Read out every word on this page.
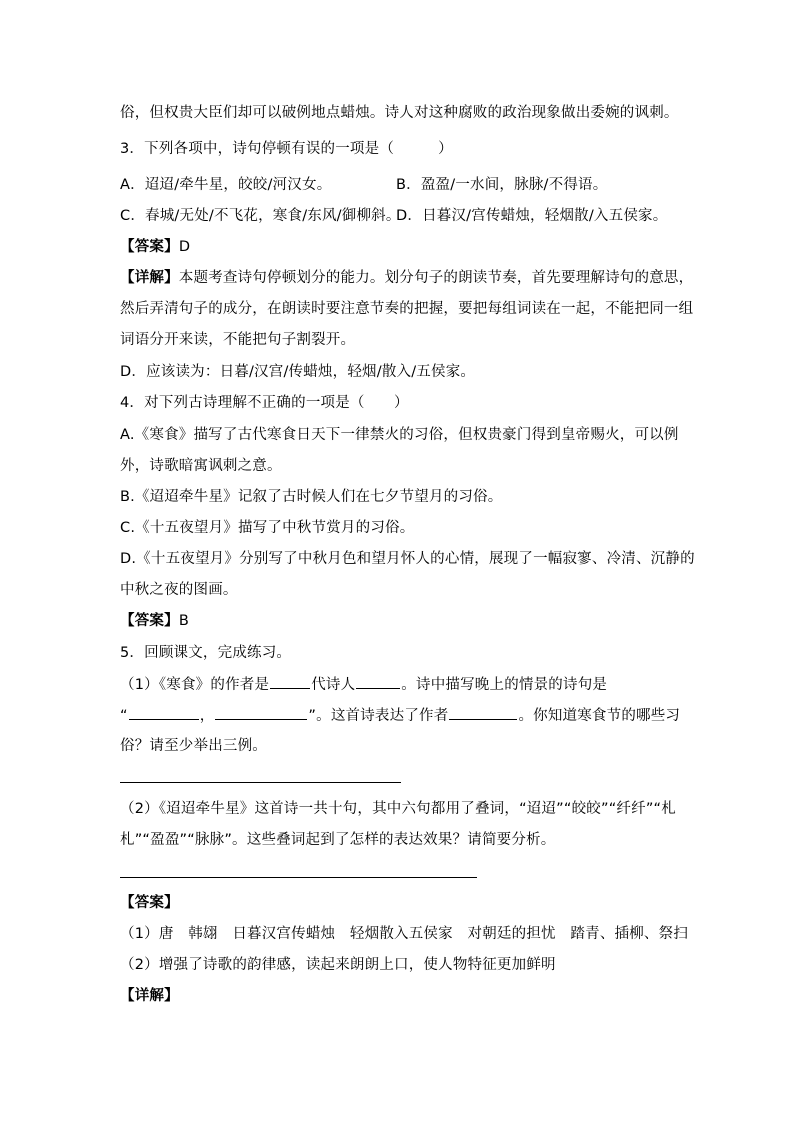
俗，但权贵大臣们却可以破例地点蜡烛。诗人对这种腐败的政治现象做出委婉的讽刺。
3．下列各项中，诗句停顿有误的一项是（　　　）
A．迢迢/牵牛星，皎皎/河汉女。	B．盈盈/一水间，脉脉/不得语。
C．春城/无处/不飞花，寒食/东风/御柳斜。
D．日暮汉/宫传蜡烛，轻烟散/入五侯家。
【答案】D
【详解】本题考查诗句停顿划分的能力。划分句子的朗读节奏，首先要理解诗句的意思，
然后弄清句子的成分，在朗读时要注意节奏的把握，要把每组词读在一起，不能把同一组
词语分开来读，不能把句子割裂开。
D．应该读为：日暮/汉宫/传蜡烛，轻烟/散入/五侯家。
4．对下列古诗理解不正确的一项是（　　）
A.《寒食》描写了古代寒食日天下一律禁火的习俗，但权贵豪门得到皇帝赐火，可以例
外，诗歌暗寓讽刺之意。
B.《迢迢牵牛星》记叙了古时候人们在七夕节望月的习俗。
C.《十五夜望月》描写了中秋节赏月的习俗。
D.《十五夜望月》分别写了中秋月色和望月怀人的心情，展现了一幅寂寥、冷清、沉静的
中秋之夜的图画。
【答案】B
5．回顾课文，完成练习。
（1）《寒食》的作者是	代诗人	。诗中描写晚上的情景的诗句是
“	，	”。这首诗表达了作者	。你知道寒食节的哪些习
俗？请至少举出三例。
（2）《迢迢牵牛星》这首诗一共十句，其中六句都用了叠词，“迢迢”“皎皎”“纤纤”“札
札”“盈盈”“脉脉”。这些叠词起到了怎样的表达效果？请简要分析。
【答案】
（1）唐　韩翃　日暮汉宫传蜡烛　轻烟散入五侯家　对朝廷的担忧　踏青、插柳、祭扫
（2）增强了诗歌的韵律感，读起来朗朗上口，使人物特征更加鲜明
【详解】
